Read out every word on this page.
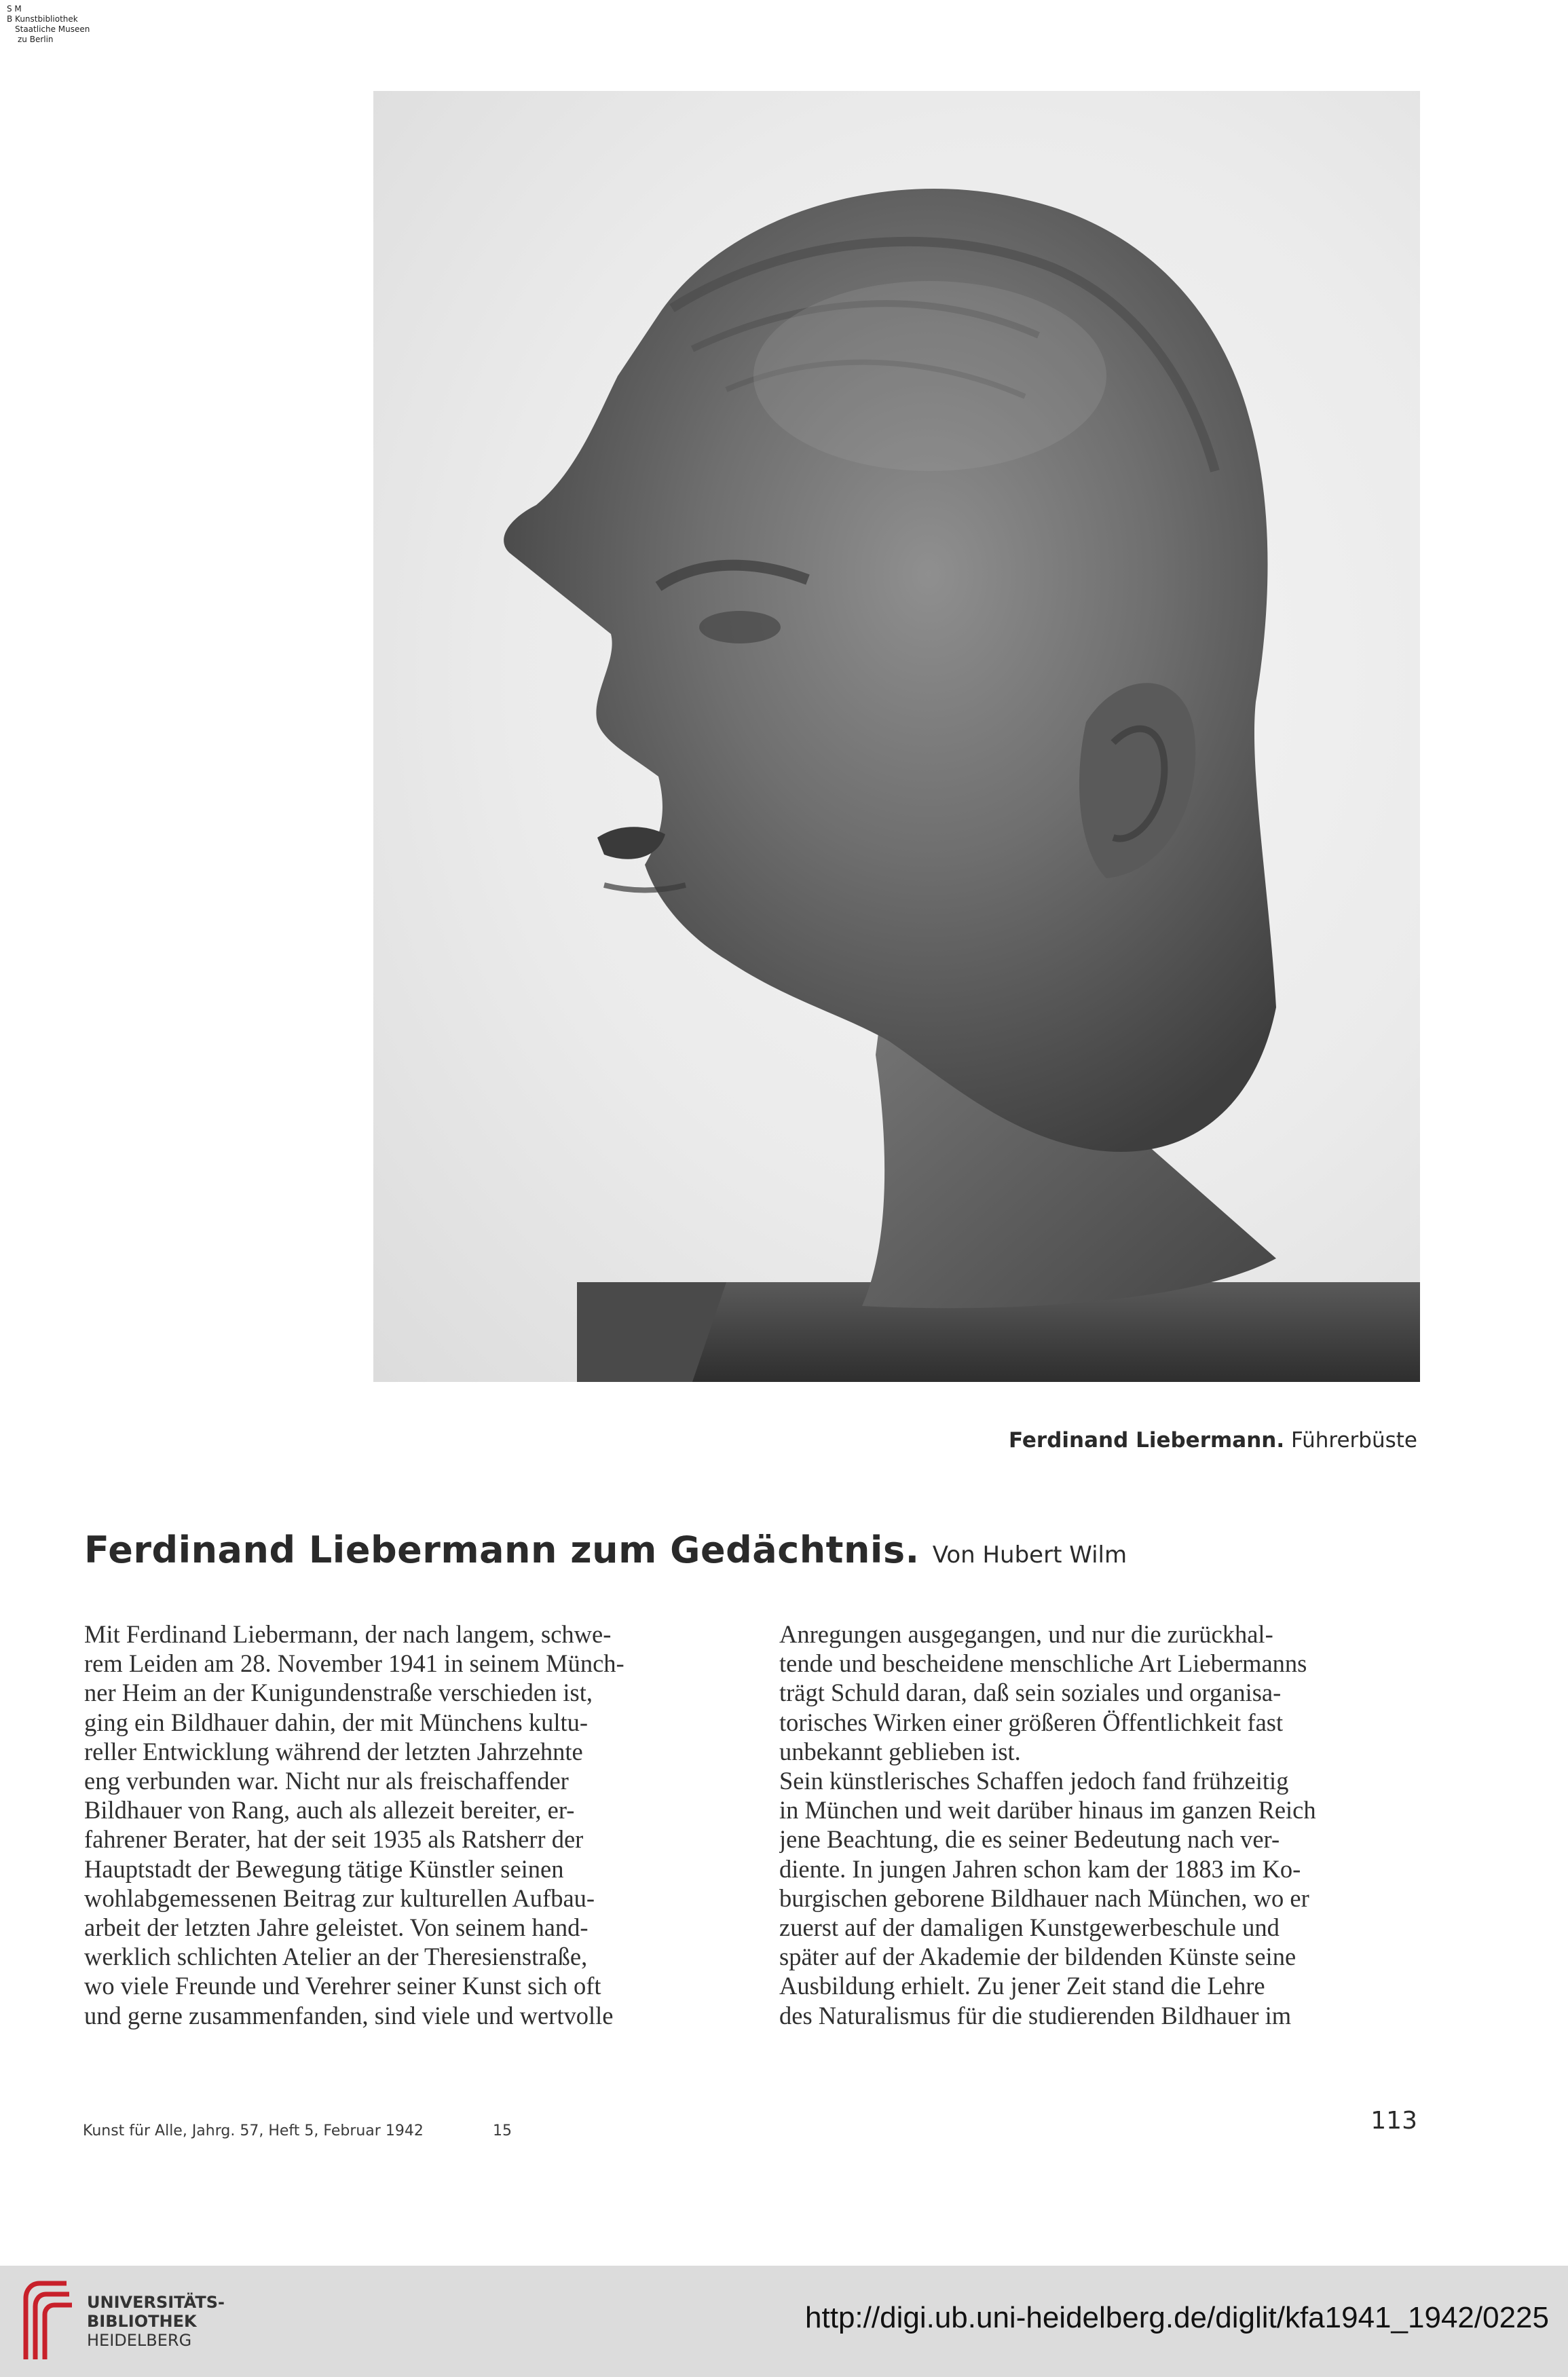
S M
B Kunstbibliothek
Staatliche Museen
zu Berlin
Ferdinand Liebermann. Führerbüste
Ferdinand Liebermann zum Gedächtnis. Von Hubert Wilm
Mit Ferdinand Liebermann, der nach langem, schwe-
rem Leiden am 28. November 1941 in seinem Münch-
ner Heim an der Kunigundenstraße verschieden ist,
ging ein Bildhauer dahin, der mit Münchens kultu-
reller Entwicklung während der letzten Jahrzehnte
eng verbunden war. Nicht nur als freischaffender
Bildhauer von Rang, auch als allezeit bereiter, er-
fahrener Berater, hat der seit 1935 als Ratsherr der
Hauptstadt der Bewegung tätige Künstler seinen
wohlabgemessenen Beitrag zur kulturellen Aufbau-
arbeit der letzten Jahre geleistet. Von seinem hand-
werklich schlichten Atelier an der Theresienstraße,
wo viele Freunde und Verehrer seiner Kunst sich oft
und gerne zusammenfanden, sind viele und wertvolle
Anregungen ausgegangen, und nur die zurückhal-
tende und bescheidene menschliche Art Liebermanns
trägt Schuld daran, daß sein soziales und organisa-
torisches Wirken einer größeren Öffentlichkeit fast
unbekannt geblieben ist.
Sein künstlerisches Schaffen jedoch fand frühzeitig
in München und weit darüber hinaus im ganzen Reich
jene Beachtung, die es seiner Bedeutung nach ver-
diente. In jungen Jahren schon kam der 1883 im Ko-
burgischen geborene Bildhauer nach München, wo er
zuerst auf der damaligen Kunstgewerbeschule und
später auf der Akademie der bildenden Künste seine
Ausbildung erhielt. Zu jener Zeit stand die Lehre
des Naturalismus für die studierenden Bildhauer im
Kunst für Alle, Jahrg. 57, Heft 5, Februar 1942	15	113
UNIVERSITÄTS-
BIBLIOTHEK
HEIDELBERG
http://digi.ub.uni-heidelberg.de/diglit/kfa1941_1942/0225
